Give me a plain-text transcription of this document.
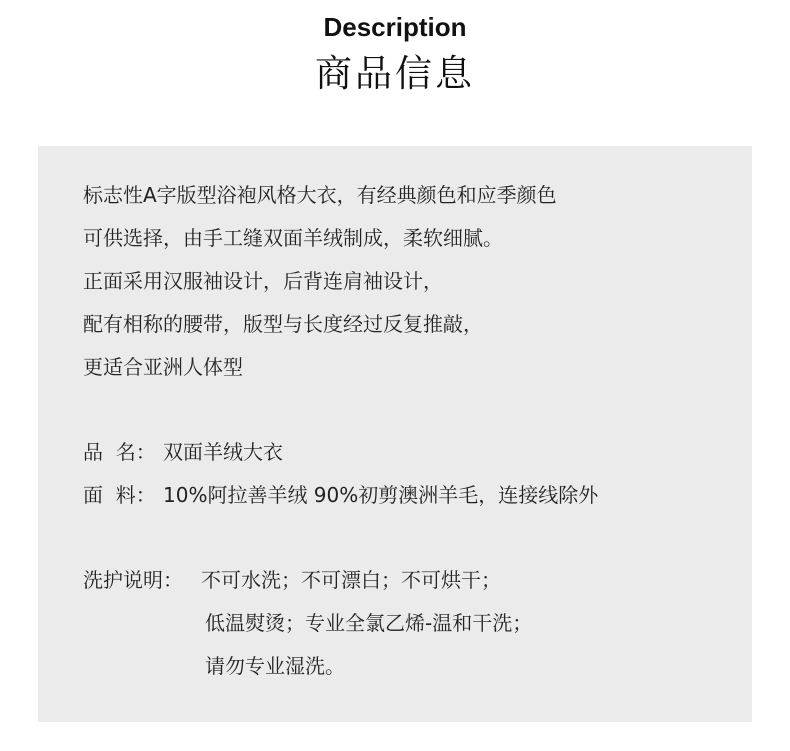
Description
商品信息
标志性A字版型浴袍风格大衣，有经典颜色和应季颜色
可供选择，由手工缝双面羊绒制成，柔软细腻。
正面采用汉服袖设计，后背连肩袖设计，
配有相称的腰带，版型与长度经过反复推敲，
更适合亚洲人体型
品  名： 双面羊绒大衣
面  料： 10%阿拉善羊绒 90%初剪澳洲羊毛，连接线除外
洗护说明： 不可水洗；不可漂白；不可烘干；
低温熨烫；专业全氯乙烯-温和干洗；
请勿专业湿洗。
